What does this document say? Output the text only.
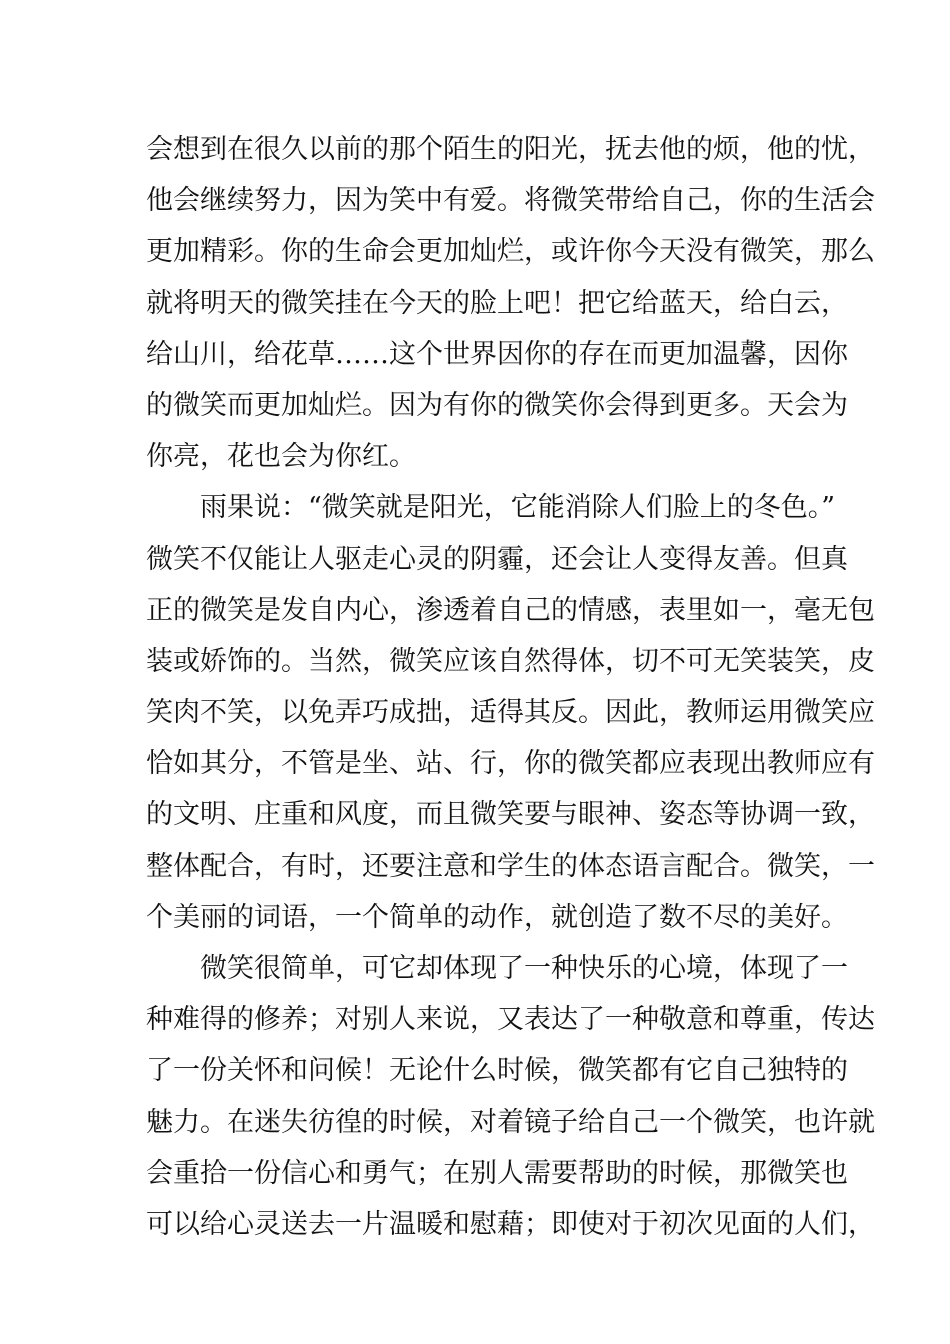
会想到在很久以前的那个陌生的阳光，抚去他的烦，他的忧，
他会继续努力，因为笑中有爱。将微笑带给自己，你的生活会
更加精彩。你的生命会更加灿烂，或许你今天没有微笑，那么
就将明天的微笑挂在今天的脸上吧！把它给蓝天，给白云，
给山川，给花草……这个世界因你的存在而更加温馨，因你
的微笑而更加灿烂。因为有你的微笑你会得到更多。天会为
你亮，花也会为你红。
雨果说：“微笑就是阳光，它能消除人们脸上的冬色。”
微笑不仅能让人驱走心灵的阴霾，还会让人变得友善。但真
正的微笑是发自内心，渗透着自己的情感，表里如一，毫无包
装或娇饰的。当然，微笑应该自然得体，切不可无笑装笑，皮
笑肉不笑，以免弄巧成拙，适得其反。因此，教师运用微笑应
恰如其分，不管是坐、站、行，你的微笑都应表现出教师应有
的文明、庄重和风度，而且微笑要与眼神、姿态等协调一致，
整体配合，有时，还要注意和学生的体态语言配合。微笑，一
个美丽的词语，一个简单的动作，就创造了数不尽的美好。
微笑很简单，可它却体现了一种快乐的心境，体现了一
种难得的修养；对别人来说，又表达了一种敬意和尊重，传达
了一份关怀和问候！无论什么时候，微笑都有它自己独特的
魅力。在迷失彷徨的时候，对着镜子给自己一个微笑，也许就
会重拾一份信心和勇气；在别人需要帮助的时候，那微笑也
可以给心灵送去一片温暖和慰藉；即使对于初次见面的人们，
